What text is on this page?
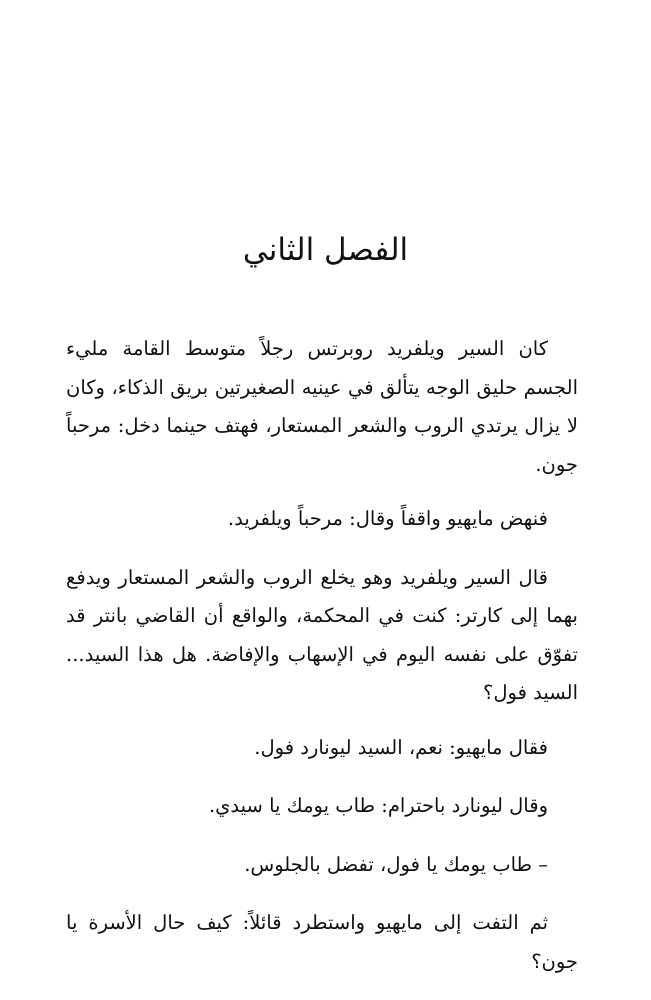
الفصل الثاني

كان السير ويلفريد روبرتس رجلاً متوسط القامة مليء الجسم حليق الوجه يتألق في عينيه الصغيرتين بريق الذكاء، وكان لا يزال يرتدي الروب والشعر المستعار، فهتف حينما دخل: مرحباً جون.

فنهض مايهيو واقفاً وقال: مرحباً ويلفريد.

قال السير ويلفريد وهو يخلع الروب والشعر المستعار ويدفع بهما إلى كارتر: كنت في المحكمة، والواقع أن القاضي بانتر قد تفوّق على نفسه اليوم في الإسهاب والإفاضة. هل هذا السيد... السيد فول؟

فقال مايهيو: نعم، السيد ليونارد فول.

وقال ليونارد باحترام: طاب يومك يا سيدي.

– طاب يومك يا فول، تفضل بالجلوس.

ثم التفت إلى مايهيو واستطرد قائلاً: كيف حال الأسرة يا جون؟
